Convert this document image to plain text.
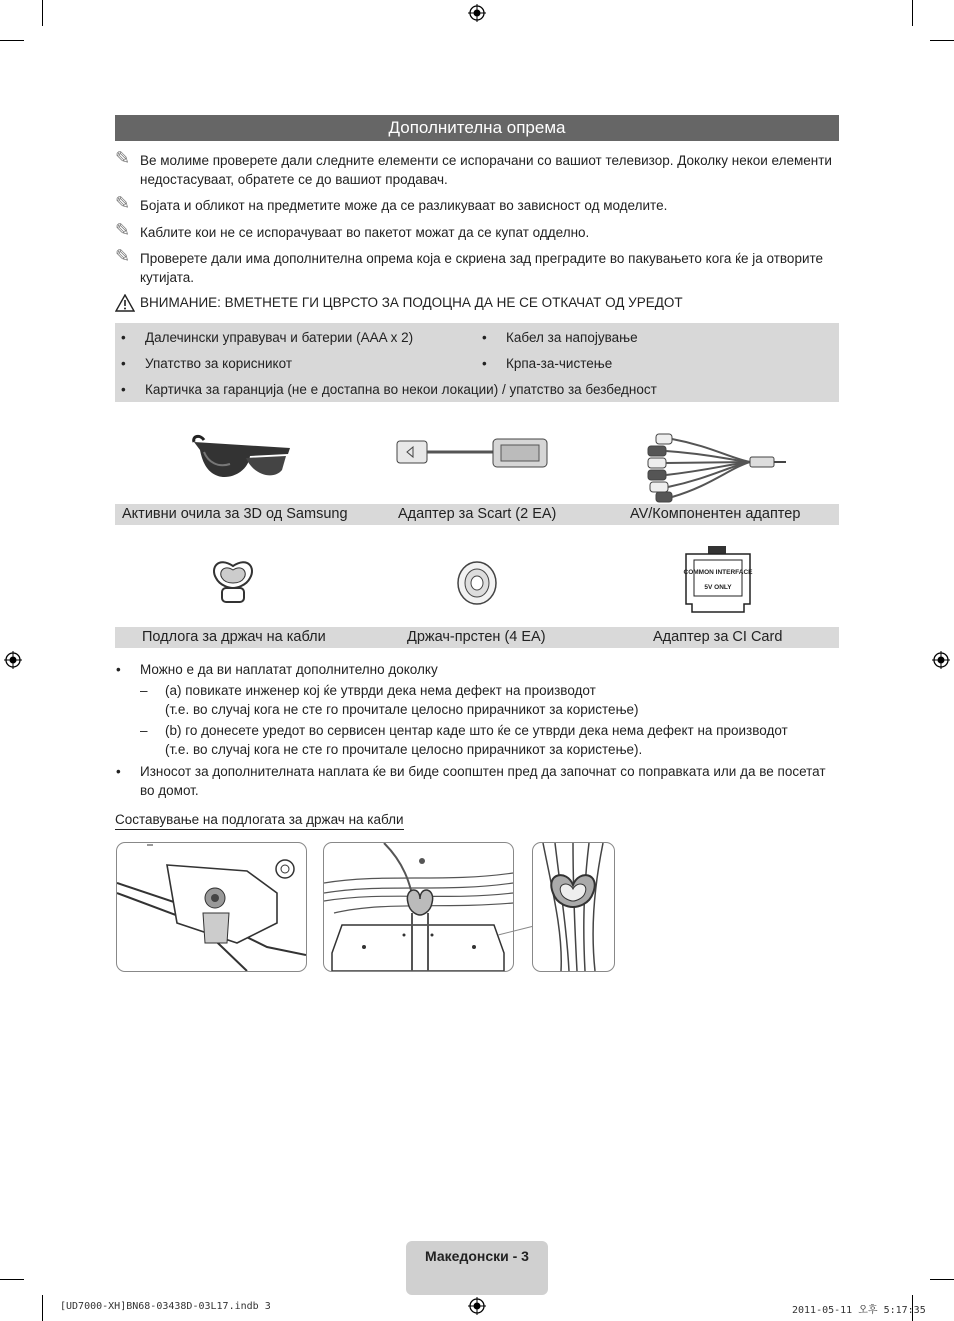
Дополнителна опрема
✎ Ве молиме проверете дали следните елементи се испорачани со вашиот телевизор. Доколку некои елементи недостасуваат, обратете се до вашиот продавач.
✎ Бојата и обликот на предметите може да се разликуваат во зависност од моделите.
✎ Каблите кои не се испорачуваат во пакетот можат да се купат одделно.
✎ Проверете дали има дополнителна опрема која е скриена зад преградите во пакувањето кога ќе ја отворите кутијата.
ВНИМАНИЕ: ВМЕТНЕТЕ ГИ ЦВРСТО ЗА ПОДОЦНА ДА НЕ СЕ ОТКАЧАТ ОД УРЕДОТ
• Далечински управувач и батерии (AAA x 2)	• Кабел за напојување
• Упатство за корисникот	• Крпа-за-чистење
• Картичка за гаранција (не е достапна во некои локации) / упатство за безбедност
Активни очила за 3D од Samsung	Адаптер за Scart (2 EA)	AV/Компонентен адаптер
COMMON INTERFACE
5V ONLY
Подлога за држач на кабли	Држач-прстен (4 EA)	Адаптер за CI Card
• Можно е да ви наплатат дополнително доколку
– (a) повикате инженер кој ќе утврди дека нема дефект на производот
(т.е. во случај кога не сте го прочитале целосно прирачникот за користење)
– (b) го донесете уредот во сервисен центар каде што ќе се утврди дека нема дефект на производот
(т.е. во случај кога не сте го прочитале целосно прирачникот за користење).
• Износот за дополнителната наплата ќе ви биде соопштен пред да започнат со поправката или да ве посетат во домот.
Составување на подлогата за држач на кабли
Македонски - 3
[UD7000-XH]BN68-03438D-03L17.indb 3	2011-05-11 오후 5:17:35
